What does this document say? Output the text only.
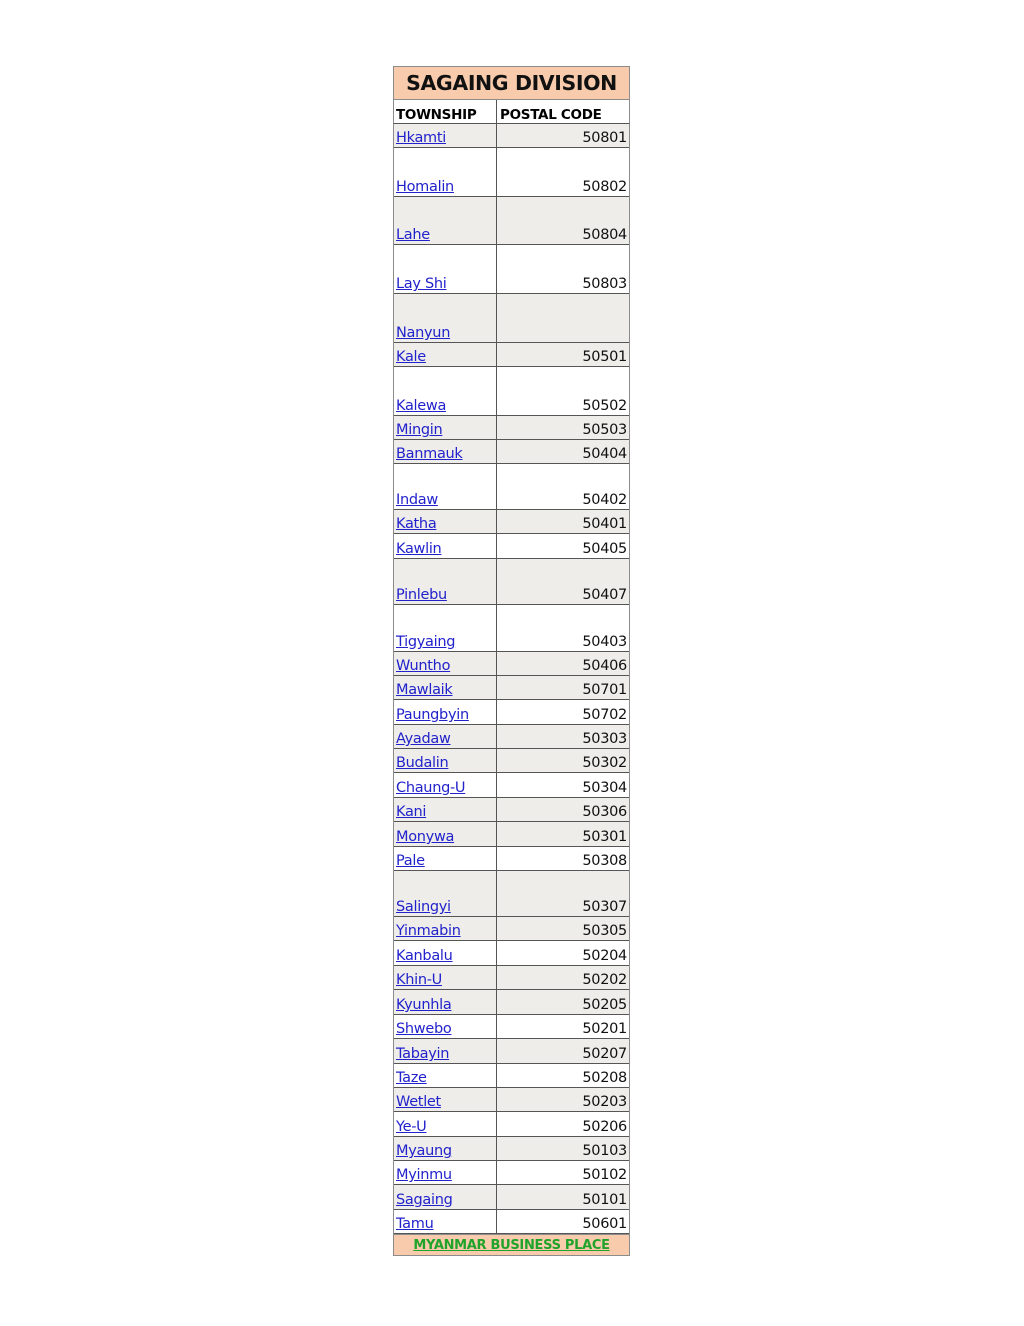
SAGAING DIVISION
TOWNSHIP	POSTAL CODE
Hkamti	50801
Homalin	50802
Lahe	50804
Lay Shi	50803
Nanyun
Kale	50501
Kalewa	50502
Mingin	50503
Banmauk	50404
Indaw	50402
Katha	50401
Kawlin	50405
Pinlebu	50407
Tigyaing	50403
Wuntho	50406
Mawlaik	50701
Paungbyin	50702
Ayadaw	50303
Budalin	50302
Chaung-U	50304
Kani	50306
Monywa	50301
Pale	50308
Salingyi	50307
Yinmabin	50305
Kanbalu	50204
Khin-U	50202
Kyunhla	50205
Shwebo	50201
Tabayin	50207
Taze	50208
Wetlet	50203
Ye-U	50206
Myaung	50103
Myinmu	50102
Sagaing	50101
Tamu	50601
MYANMAR BUSINESS PLACE
